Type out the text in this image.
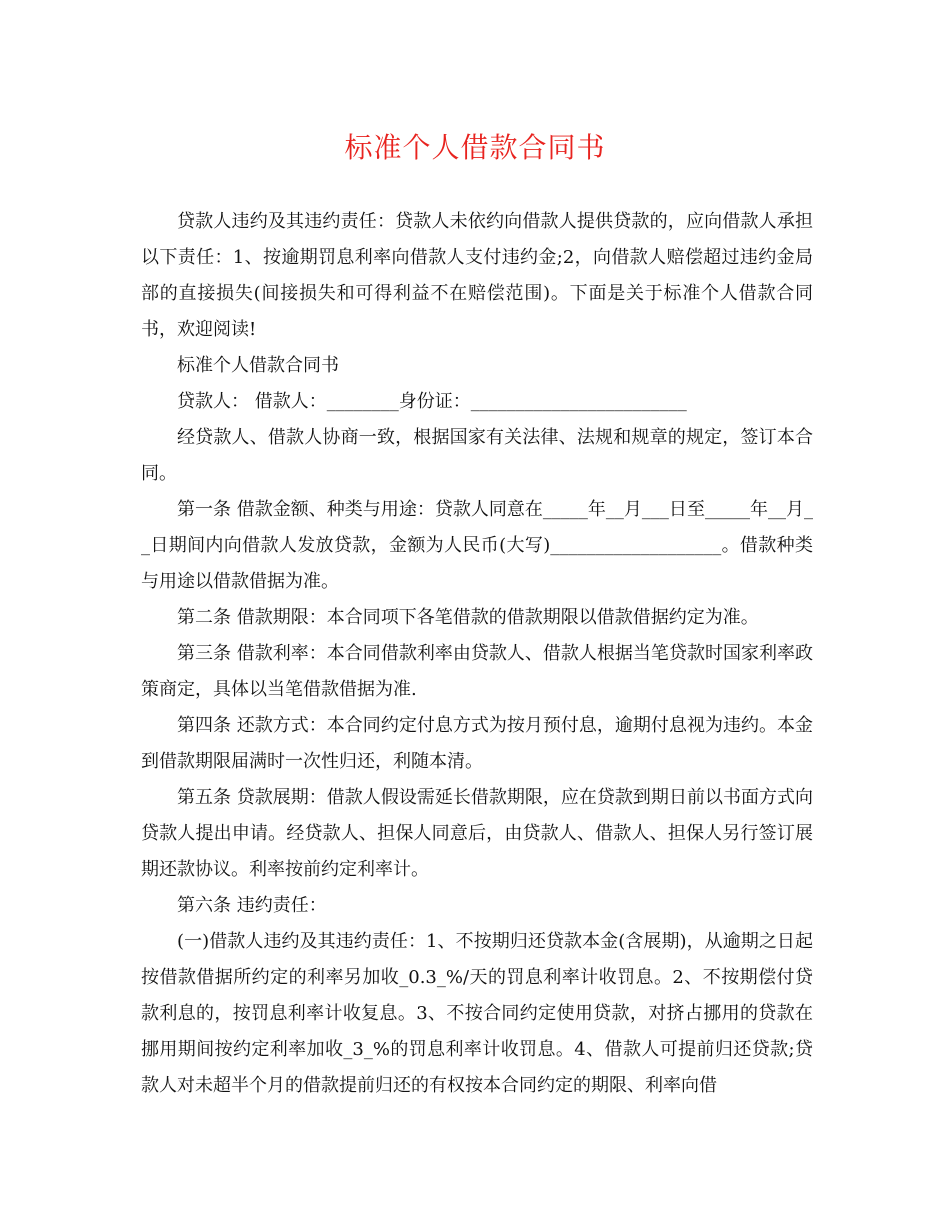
标准个人借款合同书

贷款人违约及其违约责任：贷款人未依约向借款人提供贷款的，应向借款人承担以下责任：1、按逾期罚息利率向借款人支付违约金;2，向借款人赔偿超过违约金局部的直接损失(间接损失和可得利益不在赔偿范围)。下面是关于标准个人借款合同书，欢迎阅读!

标准个人借款合同书

贷款人： 借款人：________身份证：________________________

经贷款人、借款人协商一致，根据国家有关法律、法规和规章的规定，签订本合同。

第一条 借款金额、种类与用途：贷款人同意在_____年__月___日至_____年__月__日期间内向借款人发放贷款，金额为人民币(大写)___________________。借款种类与用途以借款借据为准。

第二条 借款期限：本合同项下各笔借款的借款期限以借款借据约定为准。

第三条 借款利率：本合同借款利率由贷款人、借款人根据当笔贷款时国家利率政策商定，具体以当笔借款借据为准.

第四条 还款方式：本合同约定付息方式为按月预付息，逾期付息视为违约。本金到借款期限届满时一次性归还，利随本清。

第五条 贷款展期：借款人假设需延长借款期限，应在贷款到期日前以书面方式向贷款人提出申请。经贷款人、担保人同意后，由贷款人、借款人、担保人另行签订展期还款协议。利率按前约定利率计。

第六条 违约责任：

(一)借款人违约及其违约责任：1、不按期归还贷款本金(含展期)，从逾期之日起按借款借据所约定的利率另加收_0.3_%/天的罚息利率计收罚息。2、不按期偿付贷款利息的，按罚息利率计收复息。3、不按合同约定使用贷款，对挤占挪用的贷款在挪用期间按约定利率加收_3_%的罚息利率计收罚息。4、借款人可提前归还贷款;贷款人对未超半个月的借款提前归还的有权按本合同约定的期限、利率向借
